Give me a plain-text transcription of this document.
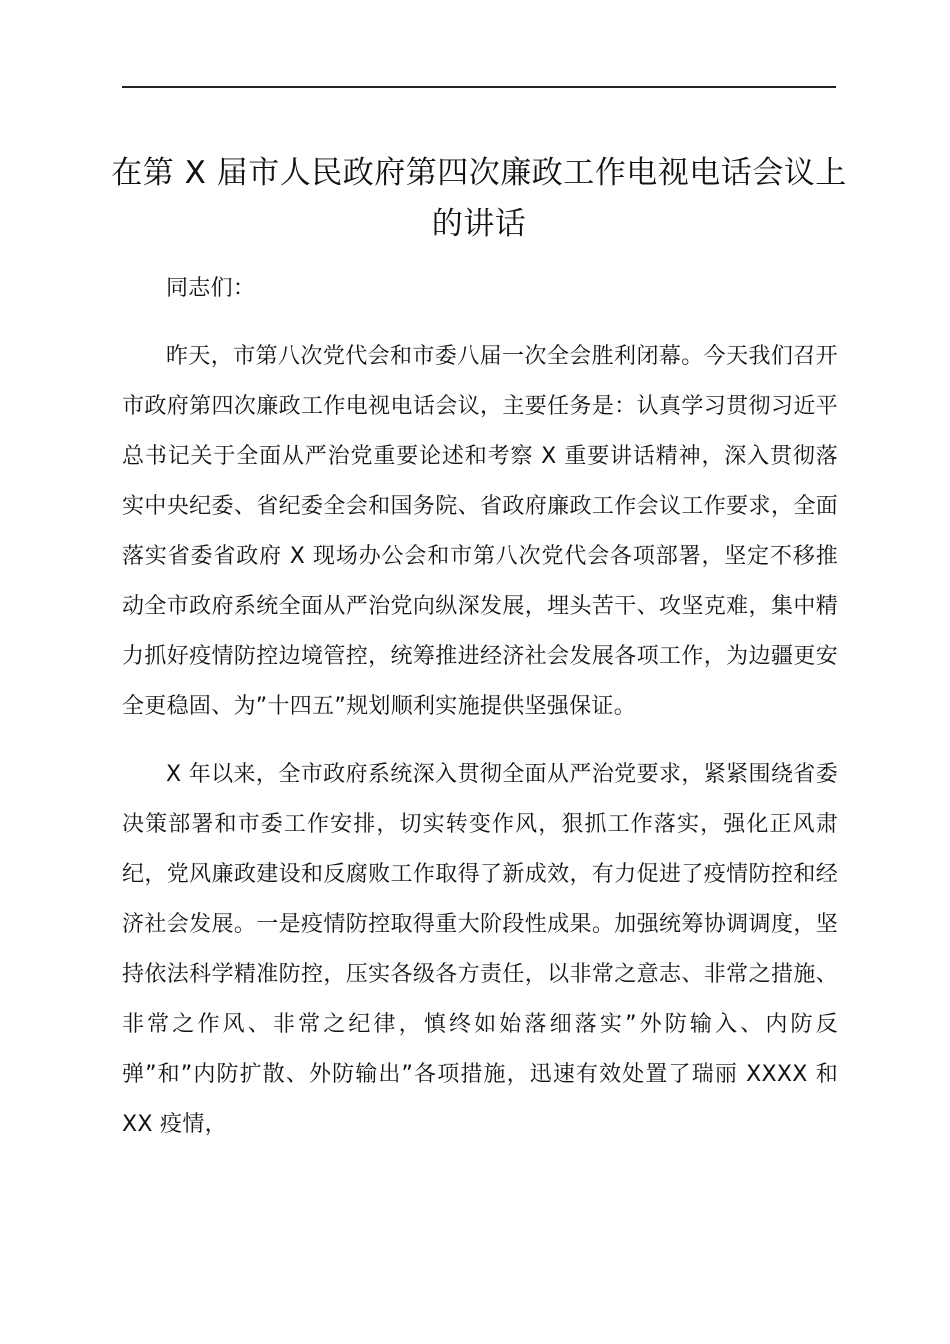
在第 X 届市人民政府第四次廉政工作电视电话会议上的讲话

同志们：

昨天，市第八次党代会和市委八届一次全会胜利闭幕。今天我们召开市政府第四次廉政工作电视电话会议，主要任务是：认真学习贯彻习近平总书记关于全面从严治党重要论述和考察 X 重要讲话精神，深入贯彻落实中央纪委、省纪委全会和国务院、省政府廉政工作会议工作要求，全面落实省委省政府 X 现场办公会和市第八次党代会各项部署，坚定不移推动全市政府系统全面从严治党向纵深发展，埋头苦干、攻坚克难，集中精力抓好疫情防控边境管控，统筹推进经济社会发展各项工作，为边疆更安全更稳固、为”十四五”规划顺利实施提供坚强保证。

X 年以来，全市政府系统深入贯彻全面从严治党要求，紧紧围绕省委决策部署和市委工作安排，切实转变作风，狠抓工作落实，强化正风肃纪，党风廉政建设和反腐败工作取得了新成效，有力促进了疫情防控和经济社会发展。一是疫情防控取得重大阶段性成果。加强统筹协调调度，坚持依法科学精准防控，压实各级各方责任，以非常之意志、非常之措施、非常之作风、非常之纪律，慎终如始落细落实”外防输入、内防反弹”和”内防扩散、外防输出”各项措施，迅速有效处置了瑞丽 XXXX 和 XX 疫情，
